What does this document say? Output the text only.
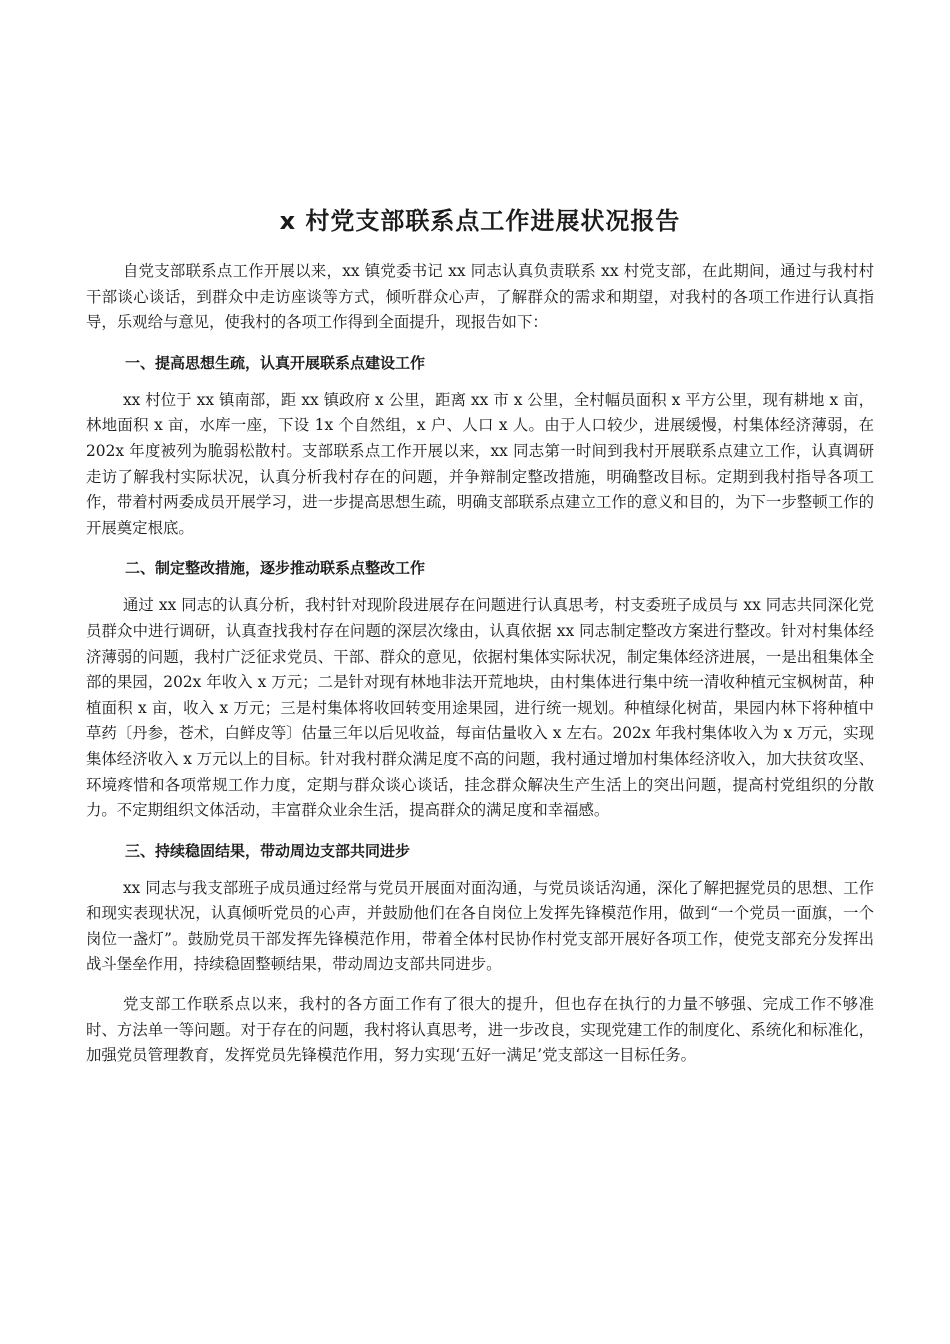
x 村党支部联系点工作进展状况报告

自党支部联系点工作开展以来，xx 镇党委书记 xx 同志认真负责联系 xx 村党支部，在此期间，通过与我村村干部谈心谈话，到群众中走访座谈等方式，倾听群众心声，了解群众的需求和期望，对我村的各项工作进行认真指导，乐观给与意见，使我村的各项工作得到全面提升，现报告如下：

一、提高思想生疏，认真开展联系点建设工作

xx 村位于 xx 镇南部，距 xx 镇政府 x 公里，距离 xx 市 x 公里，全村幅员面积 x 平方公里，现有耕地 x 亩，林地面积 x 亩，水库一座，下设 1x 个自然组，x 户、人口 x 人。由于人口较少，进展缓慢，村集体经济薄弱，在 202x 年度被列为脆弱松散村。支部联系点工作开展以来，xx 同志第一时间到我村开展联系点建立工作，认真调研走访了解我村实际状况，认真分析我村存在的问题，并争辩制定整改措施，明确整改目标。定期到我村指导各项工作，带着村两委成员开展学习，进一步提高思想生疏，明确支部联系点建立工作的意义和目的，为下一步整顿工作的开展奠定根底。

二、制定整改措施，逐步推动联系点整改工作

通过 xx 同志的认真分析，我村针对现阶段进展存在问题进行认真思考，村支委班子成员与 xx 同志共同深化党员群众中进行调研，认真查找我村存在问题的深层次缘由，认真依据 xx 同志制定整改方案进行整改。针对村集体经济薄弱的问题，我村广泛征求党员、干部、群众的意见，依据村集体实际状况，制定集体经济进展，一是出租集体全部的果园，202x 年收入 x 万元；二是针对现有林地非法开荒地块，由村集体进行集中统一清收种植元宝枫树苗，种植面积 x 亩，收入 x 万元；三是村集体将收回转变用途果园，进行统一规划。种植绿化树苗，果园内林下将种植中草药〔丹参，苍术，白鲜皮等〕估量三年以后见收益，每亩估量收入 x 左右。202x 年我村集体收入为 x 万元，实现集体经济收入 x 万元以上的目标。针对我村群众满足度不高的问题，我村通过增加村集体经济收入，加大扶贫攻坚、环境疼惜和各项常规工作力度，定期与群众谈心谈话，挂念群众解决生产生活上的突出问题，提高村党组织的分散力。不定期组织文体活动，丰富群众业余生活，提高群众的满足度和幸福感。

三、持续稳固结果，带动周边支部共同进步

xx 同志与我支部班子成员通过经常与党员开展面对面沟通，与党员谈话沟通，深化了解把握党员的思想、工作和现实表现状况，认真倾听党员的心声，并鼓励他们在各自岗位上发挥先锋模范作用，做到“一个党员一面旗，一个岗位一盏灯”。鼓励党员干部发挥先锋模范作用，带着全体村民协作村党支部开展好各项工作，使党支部充分发挥出战斗堡垒作用，持续稳固整顿结果，带动周边支部共同进步。

党支部工作联系点以来，我村的各方面工作有了很大的提升，但也存在执行的力量不够强、完成工作不够准时、方法单一等问题。对于存在的问题，我村将认真思考，进一步改良，实现党建工作的制度化、系统化和标准化，加强党员管理教育，发挥党员先锋模范作用，努力实现‘五好一满足’党支部这一目标任务。
